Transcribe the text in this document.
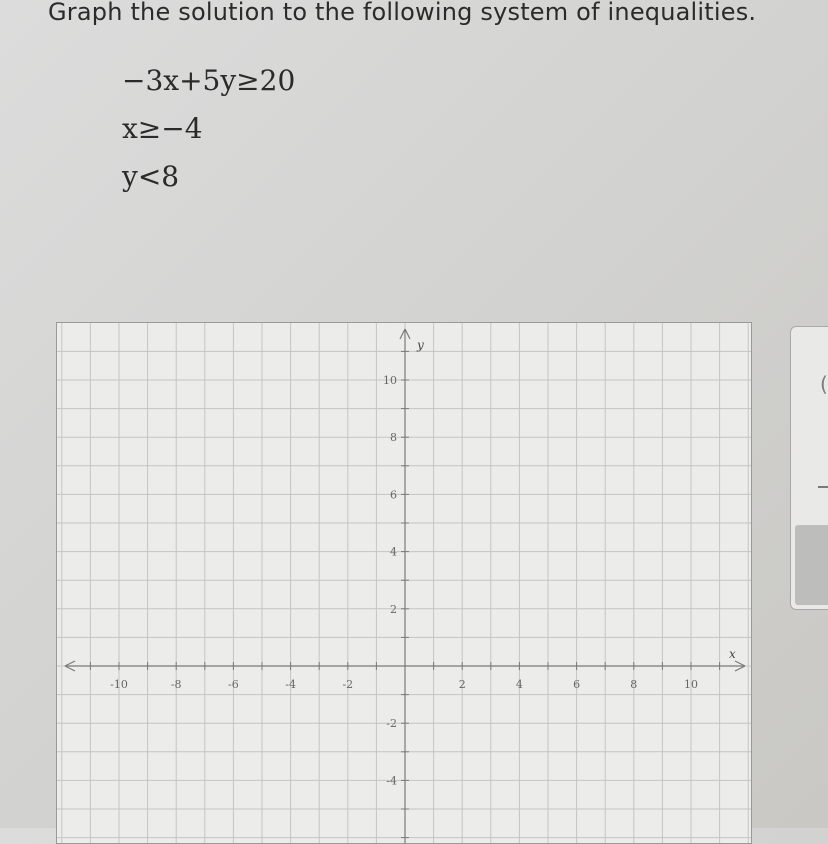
Graph the solution to the following system of inequalities.
−3x+5y≥20
x≥−4
y<8
-10	-8	-6	-4	-2	2	4	6	8	10
10
8
6
4
2
-2
-4
x
y
(
